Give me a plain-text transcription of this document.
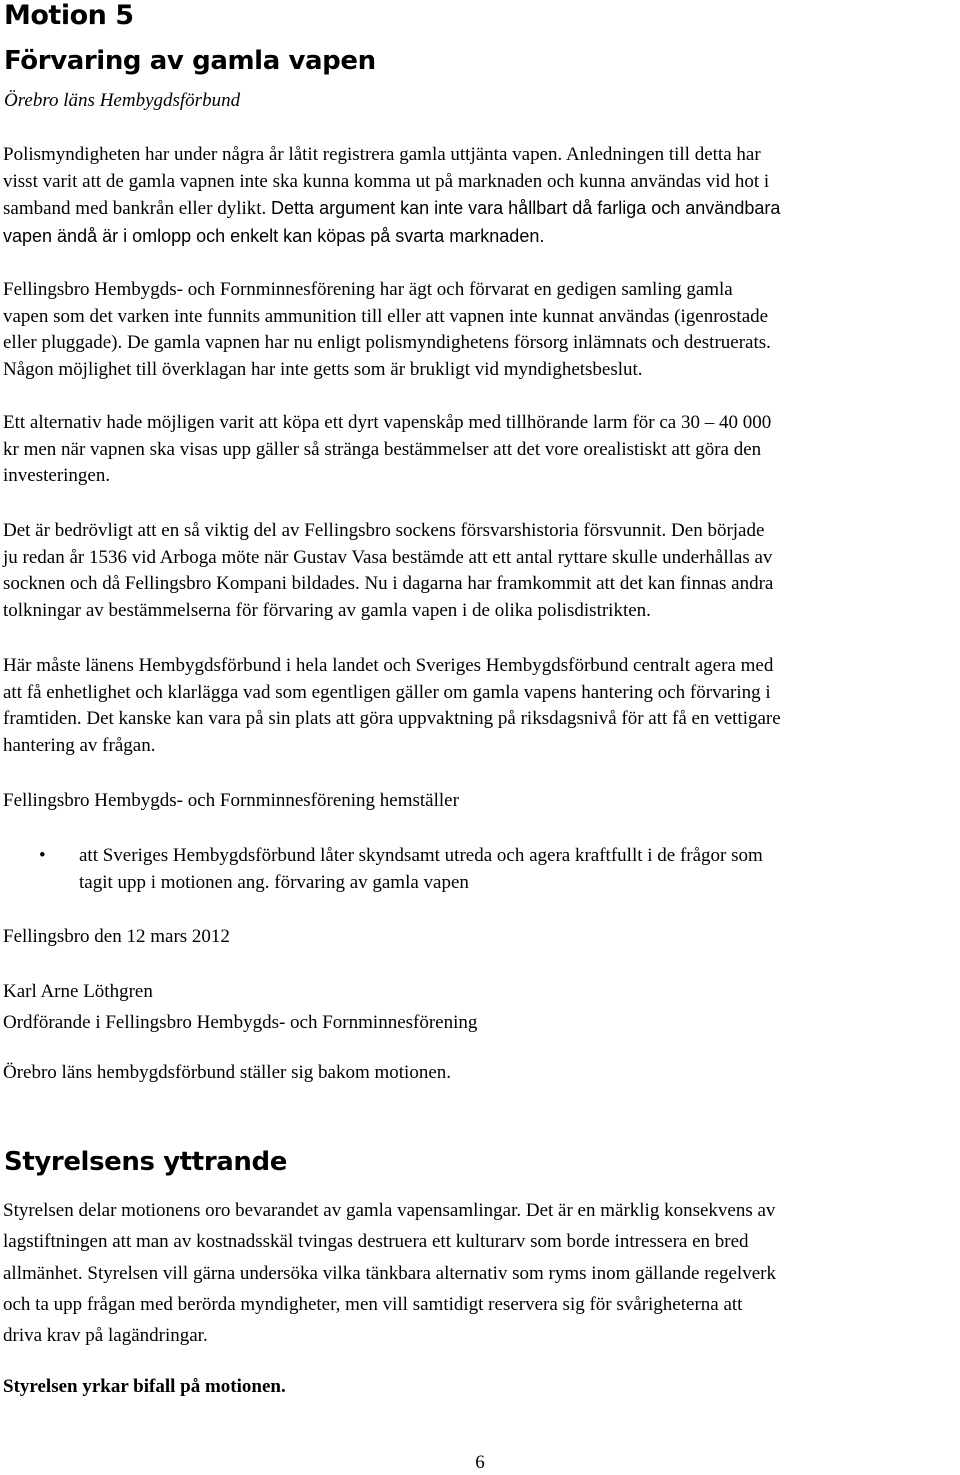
Motion 5
Förvaring av gamla vapen
Örebro läns Hembygdsförbund
Polismyndigheten har under några år låtit registrera gamla uttjänta vapen. Anledningen till detta har
visst varit att de gamla vapnen inte ska kunna komma ut på marknaden och kunna användas vid hot i
samband med bankrån eller dylikt. Detta argument kan inte vara hållbart då farliga och användbara
vapen ändå är i omlopp och enkelt kan köpas på svarta marknaden.
Fellingsbro Hembygds- och Fornminnesförening har ägt och förvarat en gedigen samling gamla
vapen som det varken inte funnits ammunition till eller att vapnen inte kunnat användas (igenrostade
eller pluggade). De gamla vapnen har nu enligt polismyndighetens försorg inlämnats och destruerats.
Någon möjlighet till överklagan har inte getts som är brukligt vid myndighetsbeslut.
Ett alternativ hade möjligen varit att köpa ett dyrt vapenskåp med tillhörande larm för ca 30 – 40 000
kr men när vapnen ska visas upp gäller så stränga bestämmelser att det vore orealistiskt att göra den
investeringen.
Det är bedrövligt att en så viktig del av Fellingsbro sockens försvarshistoria försvunnit. Den började
ju redan år 1536 vid Arboga möte när Gustav Vasa bestämde att ett antal ryttare skulle underhållas av
socknen och då Fellingsbro Kompani bildades. Nu i dagarna har framkommit att det kan finnas andra
tolkningar av bestämmelserna för förvaring av gamla vapen i de olika polisdistrikten.
Här måste länens Hembygdsförbund i hela landet och Sveriges Hembygdsförbund centralt agera med
att få enhetlighet och klarlägga vad som egentligen gäller om gamla vapens hantering och förvaring i
framtiden. Det kanske kan vara på sin plats att göra uppvaktning på riksdagsnivå för att få en vettigare
hantering av frågan.
Fellingsbro Hembygds- och Fornminnesförening hemställer
• att Sveriges Hembygdsförbund låter skyndsamt utreda och agera kraftfullt i de frågor som
tagit upp i motionen ang. förvaring av gamla vapen
Fellingsbro den 12 mars 2012
Karl Arne Löthgren
Ordförande i Fellingsbro Hembygds- och Fornminnesförening
Örebro läns hembygdsförbund ställer sig bakom motionen.
Styrelsens yttrande
Styrelsen delar motionens oro bevarandet av gamla vapensamlingar. Det är en märklig konsekvens av
lagstiftningen att man av kostnadsskäl tvingas destruera ett kulturarv som borde intressera en bred
allmänhet. Styrelsen vill gärna undersöka vilka tänkbara alternativ som ryms inom gällande regelverk
och ta upp frågan med berörda myndigheter, men vill samtidigt reservera sig för svårigheterna att
driva krav på lagändringar.
Styrelsen yrkar bifall på motionen.
6
